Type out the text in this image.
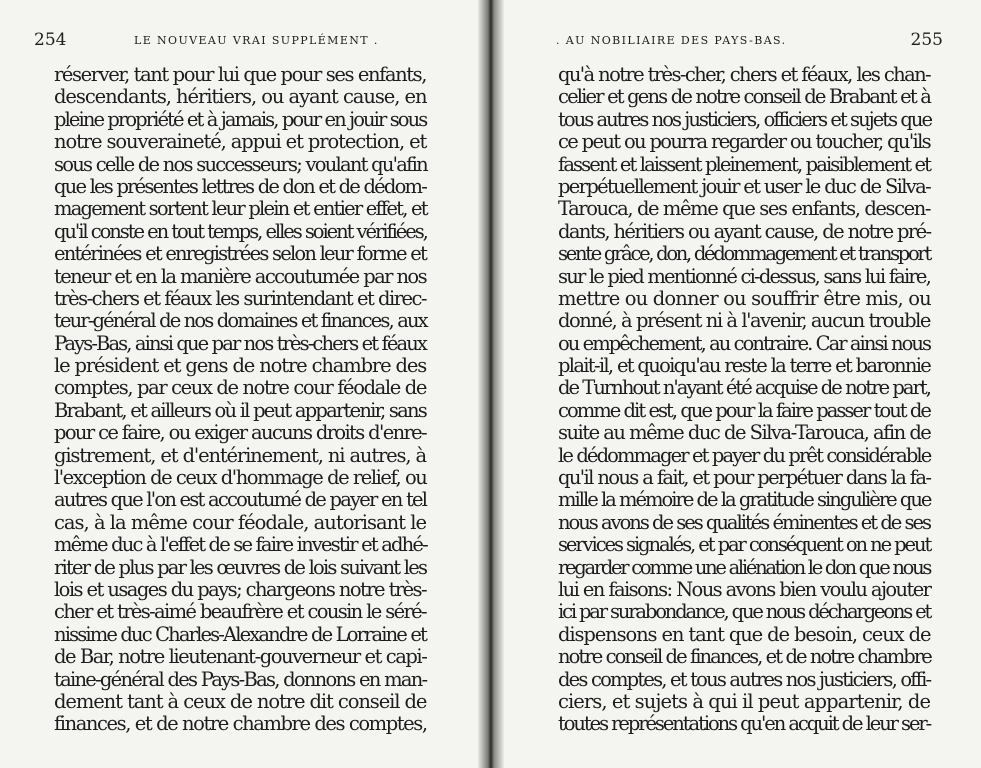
254	LE NOUVEAU VRAI SUPPLÉMENT .
réserver, tant pour lui que pour ses enfants,
descendants, héritiers, ou ayant cause, en
pleine propriété et à jamais, pour en jouir sous
notre souveraineté, appui et protection, et
sous celle de nos successeurs; voulant qu'afin
que les présentes lettres de don et de dédom-
magement sortent leur plein et entier effet, et
qu'il conste en tout temps, elles soient vérifiées,
entérinées et enregistrées selon leur forme et
teneur et en la manière accoutumée par nos
très-chers et féaux les surintendant et direc-
teur-général de nos domaines et finances, aux
Pays-Bas, ainsi que par nos très-chers et féaux
le président et gens de notre chambre des
comptes, par ceux de notre cour féodale de
Brabant, et ailleurs où il peut appartenir, sans
pour ce faire, ou exiger aucuns droits d'enre-
gistrement, et d'entérinement, ni autres, à
l'exception de ceux d'hommage de relief, ou
autres que l'on est accoutumé de payer en tel
cas, à la même cour féodale, autorisant le
même duc à l'effet de se faire investir et adhé-
riter de plus par les œuvres de lois suivant les
lois et usages du pays; chargeons notre très-
cher et très-aimé beaufrère et cousin le séré-
nissime duc Charles-Alexandre de Lorraine et
de Bar, notre lieutenant-gouverneur et capi-
taine-général des Pays-Bas, donnons en man-
dement tant à ceux de notre dit conseil de
finances, et de notre chambre des comptes,
. AU NOBILIAIRE DES PAYS-BAS.	255
qu'à notre très-cher, chers et féaux, les chan-
celier et gens de notre conseil de Brabant et à
tous autres nos justiciers, officiers et sujets que
ce peut ou pourra regarder ou toucher, qu'ils
fassent et laissent pleinement, paisiblement et
perpétuellement jouir et user le duc de Silva-
Tarouca, de même que ses enfants, descen-
dants, héritiers ou ayant cause, de notre pré-
sente grâce, don, dédommagement et transport
sur le pied mentionné ci-dessus, sans lui faire,
mettre ou donner ou souffrir être mis, ou
donné, à présent ni à l'avenir, aucun trouble
ou empêchement, au contraire. Car ainsi nous
plait-il, et quoiqu'au reste la terre et baronnie
de Turnhout n'ayant été acquise de notre part,
comme dit est, que pour la faire passer tout de
suite au même duc de Silva-Tarouca, afin de
le dédommager et payer du prêt considérable
qu'il nous a fait, et pour perpétuer dans la fa-
mille la mémoire de la gratitude singulière que
nous avons de ses qualités éminentes et de ses
services signalés, et par conséquent on ne peut
regarder comme une aliénation le don que nous
lui en faisons: Nous avons bien voulu ajouter
ici par surabondance, que nous déchargeons et
dispensons en tant que de besoin, ceux de
notre conseil de finances, et de notre chambre
des comptes, et tous autres nos justiciers, offi-
ciers, et sujets à qui il peut appartenir, de
toutes représentations qu'en acquit de leur ser-
